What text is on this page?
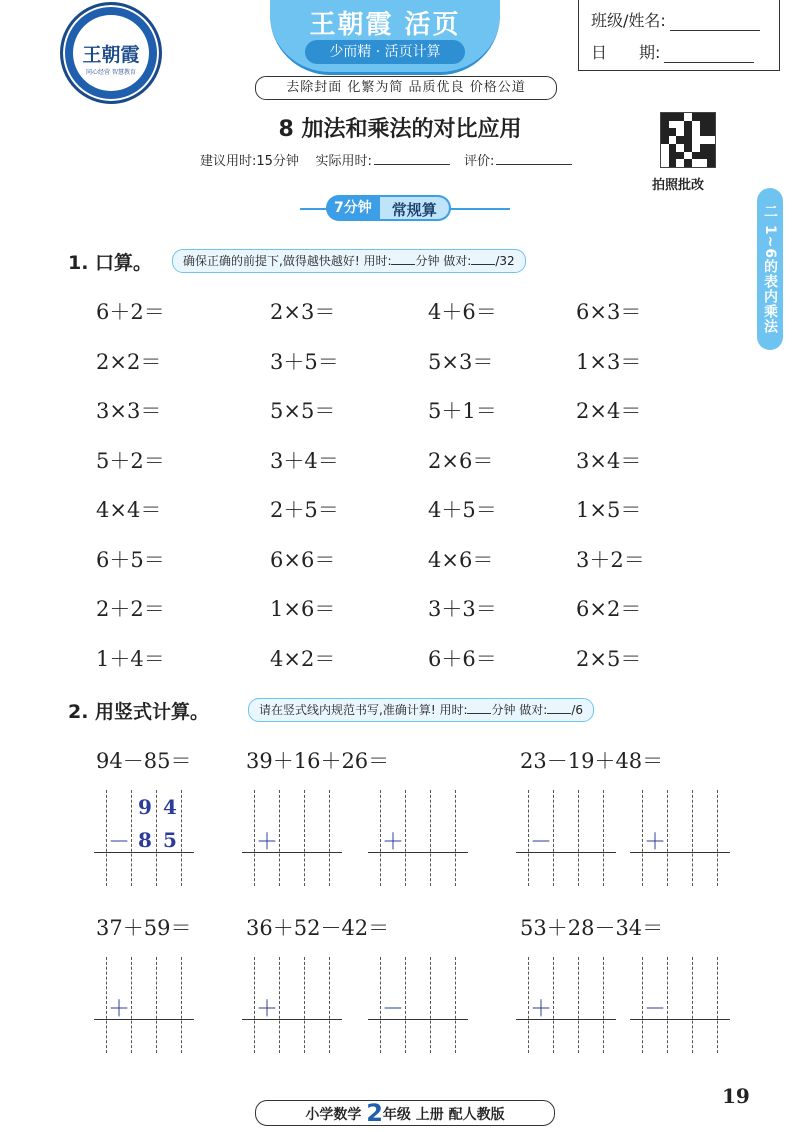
王朝霞
同心经营 智慧教育
王朝霞 活页
少而精 · 活页计算
班级/姓名:
日　　期:
去除封面 化繁为简 品质优良 价格公道
8 加法和乘法的对比应用
建议用时:15分钟 实际用时:	评价:
拍照批改
7分钟	常规算	二 1~6的表内乘法
1. 口算。	确保正确的前提下,做得越快越好! 用时: 分钟 做对: /32
6＋2＝	2×3＝	4＋6＝	6×3＝
2×2＝	3＋5＝	5×3＝	1×3＝
3×3＝	5×5＝	5＋1＝	2×4＝
5＋2＝	3＋4＝	2×6＝	3×4＝
4×4＝	2＋5＝	4＋5＝	1×5＝
6＋5＝	6×6＝	4×6＝	3＋2＝
2＋2＝	1×6＝	3＋3＝	6×2＝
1＋4＝	4×2＝	6＋6＝	2×5＝
2. 用竖式计算。	请在竖式线内规范书写,准确计算! 用时: 分钟 做对: /6
94－85＝	39＋16＋26＝	23－19＋48＝
37＋59＝	36＋52－42＝	53＋28－34＝
9 4
8 5
－	＋	＋	－	＋
＋	＋	－	＋	－
小学数学 2年级 上册 配人教版
19
